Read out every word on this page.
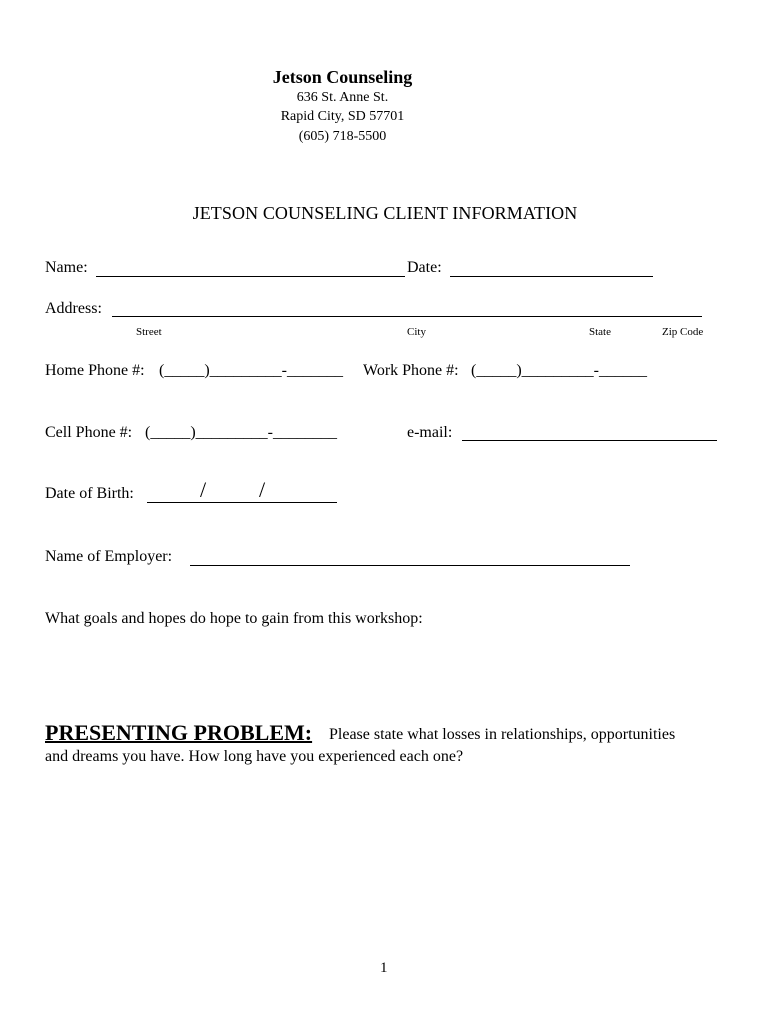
Jetson Counseling
636 St. Anne St.
Rapid City, SD 57701
(605) 718-5500
JETSON COUNSELING CLIENT INFORMATION
Name:	Date:
Address:
Street	City	State	Zip Code
Home Phone #: (_____)_________-_______ Work Phone #: (_____)_________-______
Cell Phone #: (_____)_________-________	e-mail:
Date of Birth:	/ /
Name of Employer:
What goals and hopes do hope to gain from this workshop:
PRESENTING PROBLEM: Please state what losses in relationships, opportunities
and dreams you have. How long have you experienced each one?
1
